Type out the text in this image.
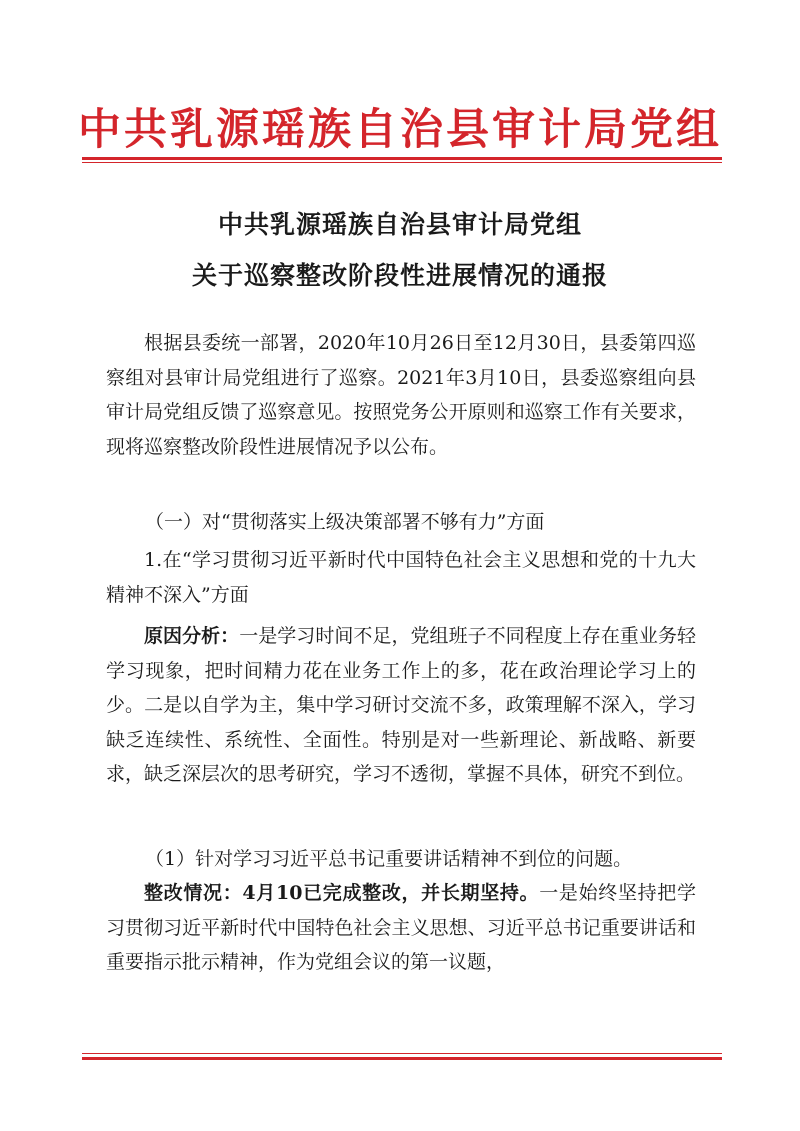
中共乳源瑶族自治县审计局党组
中共乳源瑶族自治县审计局党组
关于巡察整改阶段性进展情况的通报
根据县委统一部署，2020年10月26日至12月30日，县委第四巡察组对县审计局党组进行了巡察。2021年3月10日，县委巡察组向县审计局党组反馈了巡察意见。按照党务公开原则和巡察工作有关要求，现将巡察整改阶段性进展情况予以公布。
（一）对“贯彻落实上级决策部署不够有力”方面
1.在“学习贯彻习近平新时代中国特色社会主义思想和党的十九大精神不深入”方面
原因分析：一是学习时间不足，党组班子不同程度上存在重业务轻学习现象，把时间精力花在业务工作上的多，花在政治理论学习上的少。二是以自学为主，集中学习研讨交流不多，政策理解不深入，学习缺乏连续性、系统性、全面性。特别是对一些新理论、新战略、新要求，缺乏深层次的思考研究，学习不透彻，掌握不具体，研究不到位。
（1）针对学习习近平总书记重要讲话精神不到位的问题。
整改情况：4月10已完成整改，并长期坚持。一是始终坚持把学习贯彻习近平新时代中国特色社会主义思想、习近平总书记重要讲话和重要指示批示精神，作为党组会议的第一议题，
